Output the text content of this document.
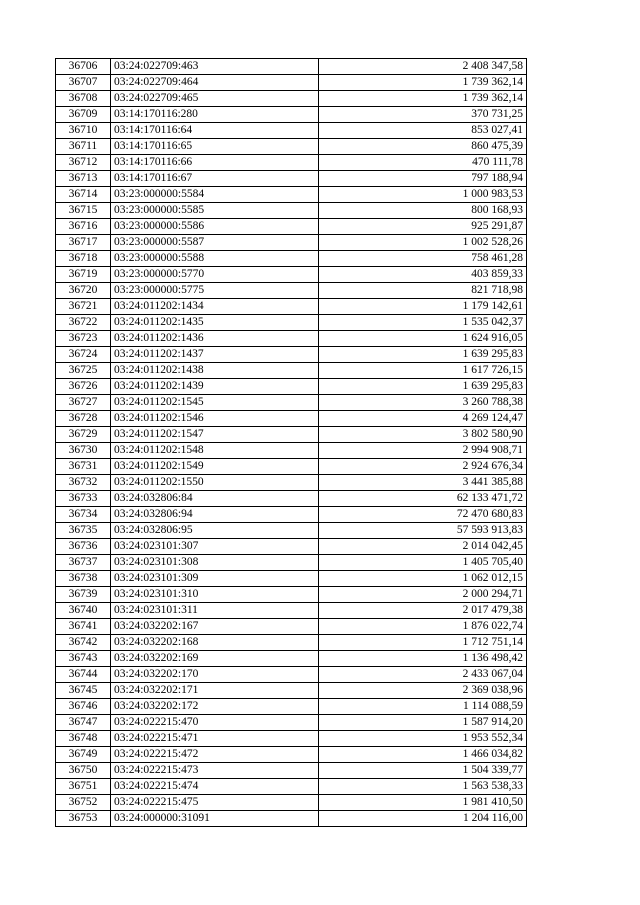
36706	03:24:022709:463	2 408 347,58
36707	03:24:022709:464	1 739 362,14
36708	03:24:022709:465	1 739 362,14
36709	03:14:170116:280	370 731,25
36710	03:14:170116:64	853 027,41
36711	03:14:170116:65	860 475,39
36712	03:14:170116:66	470 111,78
36713	03:14:170116:67	797 188,94
36714	03:23:000000:5584	1 000 983,53
36715	03:23:000000:5585	800 168,93
36716	03:23:000000:5586	925 291,87
36717	03:23:000000:5587	1 002 528,26
36718	03:23:000000:5588	758 461,28
36719	03:23:000000:5770	403 859,33
36720	03:23:000000:5775	821 718,98
36721	03:24:011202:1434	1 179 142,61
36722	03:24:011202:1435	1 535 042,37
36723	03:24:011202:1436	1 624 916,05
36724	03:24:011202:1437	1 639 295,83
36725	03:24:011202:1438	1 617 726,15
36726	03:24:011202:1439	1 639 295,83
36727	03:24:011202:1545	3 260 788,38
36728	03:24:011202:1546	4 269 124,47
36729	03:24:011202:1547	3 802 580,90
36730	03:24:011202:1548	2 994 908,71
36731	03:24:011202:1549	2 924 676,34
36732	03:24:011202:1550	3 441 385,88
36733	03:24:032806:84	62 133 471,72
36734	03:24:032806:94	72 470 680,83
36735	03:24:032806:95	57 593 913,83
36736	03:24:023101:307	2 014 042,45
36737	03:24:023101:308	1 405 705,40
36738	03:24:023101:309	1 062 012,15
36739	03:24:023101:310	2 000 294,71
36740	03:24:023101:311	2 017 479,38
36741	03:24:032202:167	1 876 022,74
36742	03:24:032202:168	1 712 751,14
36743	03:24:032202:169	1 136 498,42
36744	03:24:032202:170	2 433 067,04
36745	03:24:032202:171	2 369 038,96
36746	03:24:032202:172	1 114 088,59
36747	03:24:022215:470	1 587 914,20
36748	03:24:022215:471	1 953 552,34
36749	03:24:022215:472	1 466 034,82
36750	03:24:022215:473	1 504 339,77
36751	03:24:022215:474	1 563 538,33
36752	03:24:022215:475	1 981 410,50
36753	03:24:000000:31091	1 204 116,00
